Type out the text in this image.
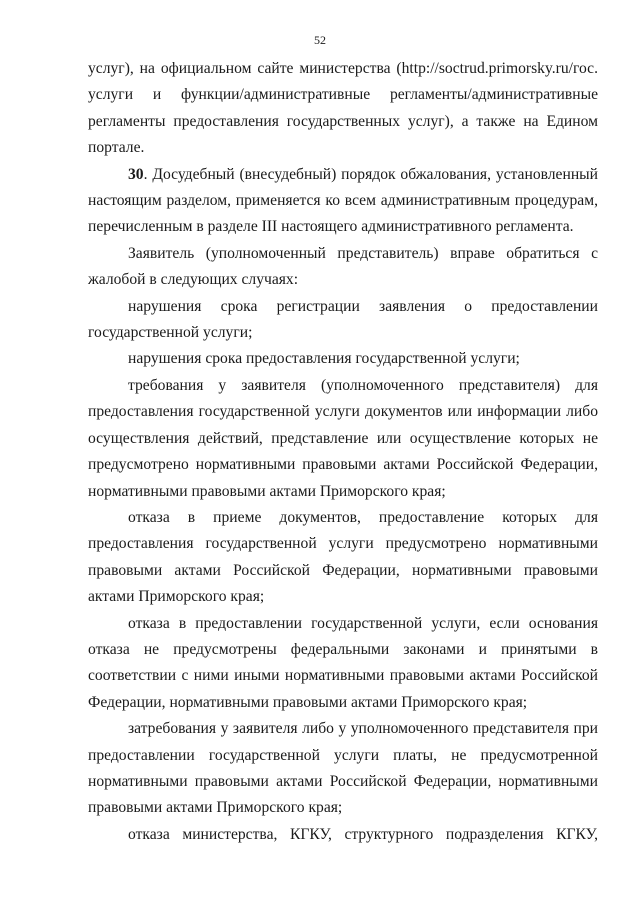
52

услуг), на официальном сайте министерства (http://soctrud.primorsky.ru/гос. услуги и функции/административные регламенты/административные регламенты предоставления государственных услуг), а также на Едином портале.

30. Досудебный (внесудебный) порядок обжалования, установленный настоящим разделом, применяется ко всем административным процедурам, перечисленным в разделе III настоящего административного регламента.

Заявитель (уполномоченный представитель) вправе обратиться с жалобой в следующих случаях:

нарушения срока регистрации заявления о предоставлении государственной услуги;

нарушения срока предоставления государственной услуги;

требования у заявителя (уполномоченного представителя) для предоставления государственной услуги документов или информации либо осуществления действий, представление или осуществление которых не предусмотрено нормативными правовыми актами Российской Федерации, нормативными правовыми актами Приморского края;

отказа в приеме документов, предоставление которых для предоставления государственной услуги предусмотрено нормативными правовыми актами Российской Федерации, нормативными правовыми актами Приморского края;

отказа в предоставлении государственной услуги, если основания отказа не предусмотрены федеральными законами и принятыми в соответствии с ними иными нормативными правовыми актами Российской Федерации, нормативными правовыми актами Приморского края;

затребования у заявителя либо у уполномоченного представителя при предоставлении государственной услуги платы, не предусмотренной нормативными правовыми актами Российской Федерации, нормативными правовыми актами Приморского края;

отказа министерства, КГКУ, структурного подразделения КГКУ,
